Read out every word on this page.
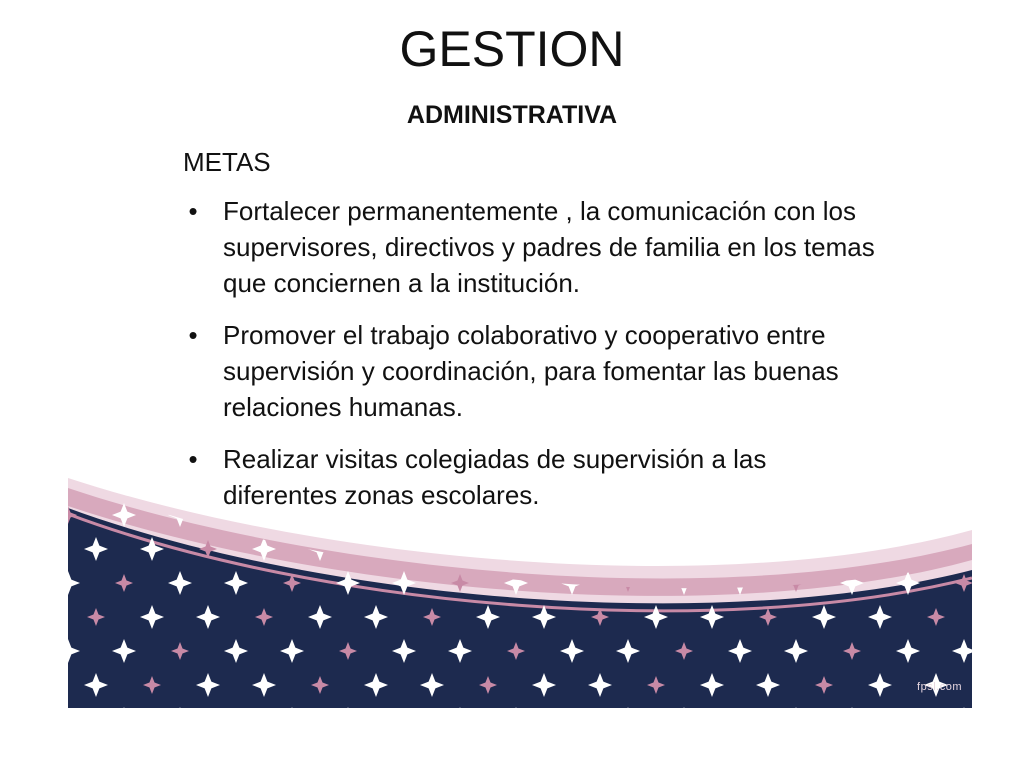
GESTION
ADMINISTRATIVA
METAS
• Fortalecer permanentemente , la comunicación con los supervisores, directivos y padres de familia en los temas que conciernen a la institución.
• Promover el trabajo colaborativo y cooperativo entre supervisión y coordinación, para fomentar las buenas relaciones humanas.
• Realizar visitas colegiadas de supervisión a las diferentes zonas escolares.
fpsl.com
